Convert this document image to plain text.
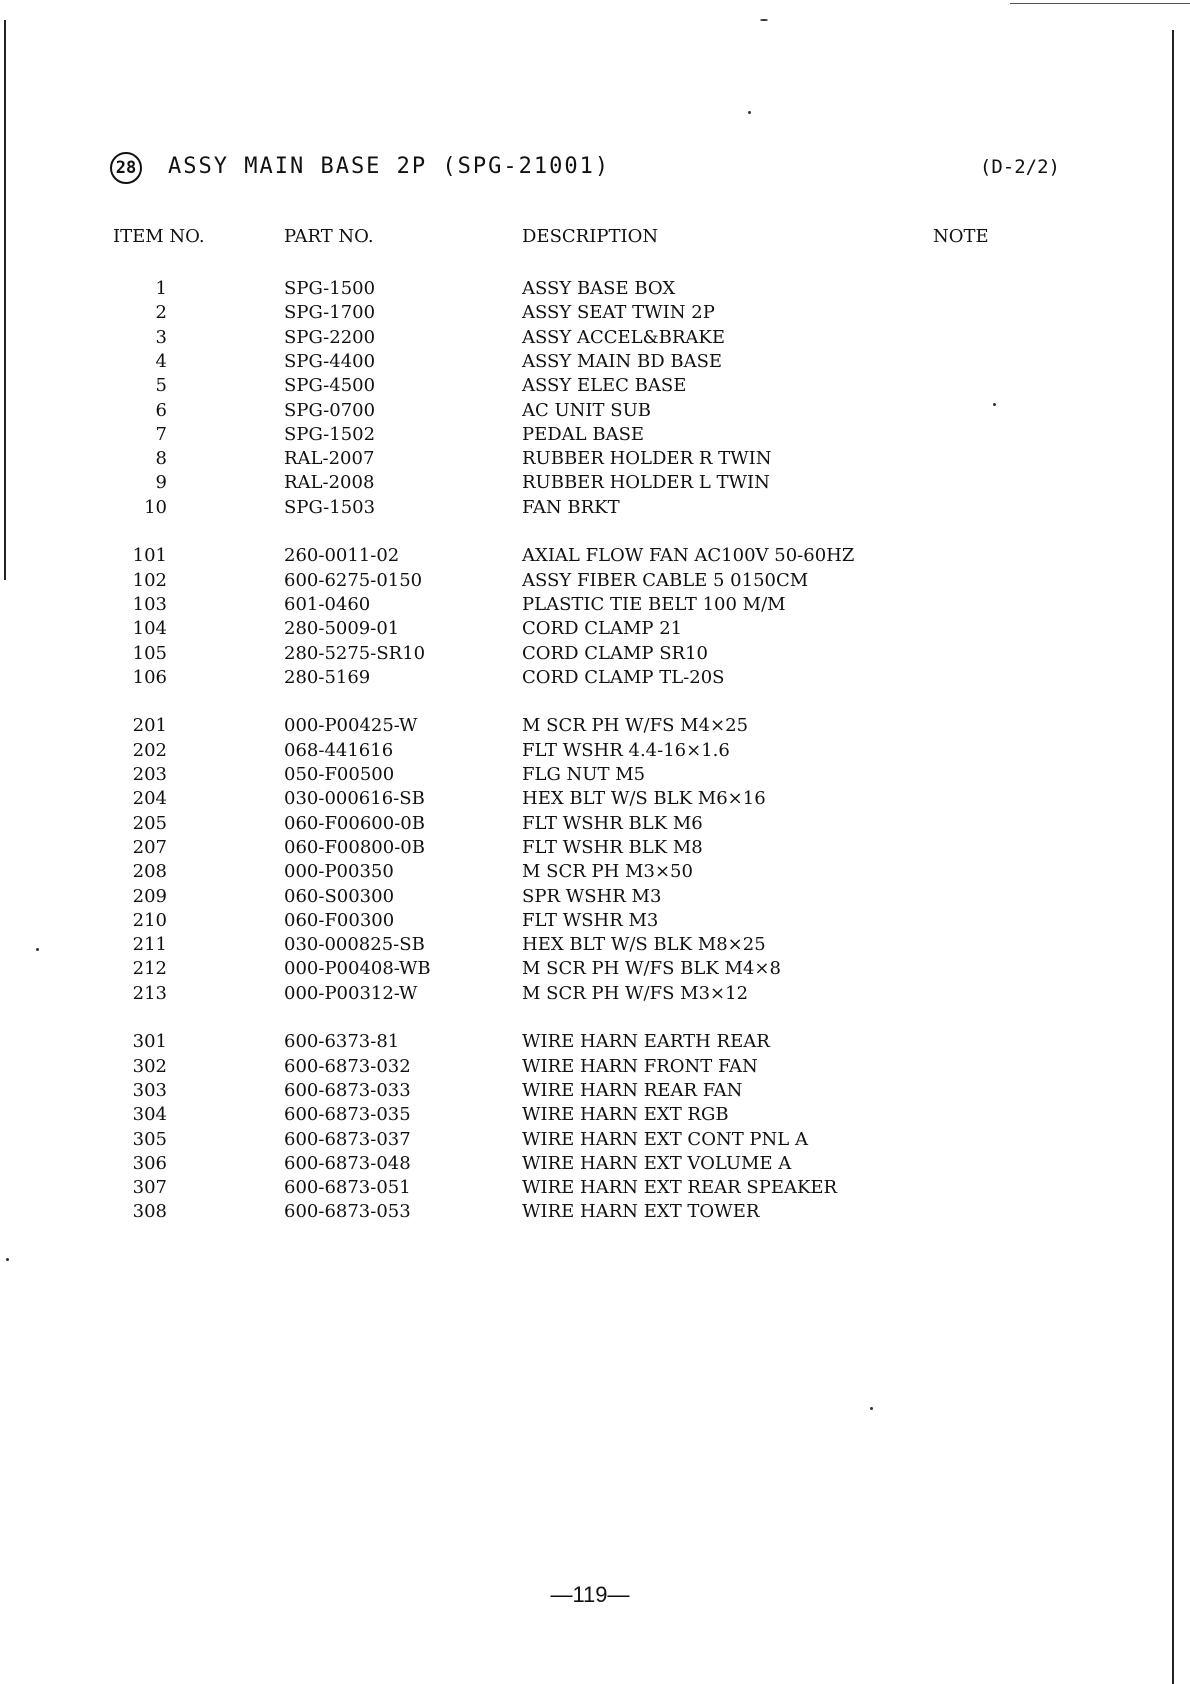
28 ASSY MAIN BASE 2P (SPG-21001)	(D-2/2)
ITEM NO.	PART NO.	DESCRIPTION	NOTE
1	SPG-1500	ASSY BASE BOX
2	SPG-1700	ASSY SEAT TWIN 2P
3	SPG-2200	ASSY ACCEL&BRAKE
4	SPG-4400	ASSY MAIN BD BASE
5	SPG-4500	ASSY ELEC BASE
6	SPG-0700	AC UNIT SUB
7	SPG-1502	PEDAL BASE
8	RAL-2007	RUBBER HOLDER R TWIN
9	RAL-2008	RUBBER HOLDER L TWIN
10	SPG-1503	FAN BRKT
101	260-0011-02	AXIAL FLOW FAN AC100V 50-60HZ
102	600-6275-0150	ASSY FIBER CABLE 5 0150CM
103	601-0460	PLASTIC TIE BELT 100 M/M
104	280-5009-01	CORD CLAMP 21
105	280-5275-SR10	CORD CLAMP SR10
106	280-5169	CORD CLAMP TL-20S
201	000-P00425-W	M SCR PH W/FS M4×25
202	068-441616	FLT WSHR 4.4-16×1.6
203	050-F00500	FLG NUT M5
204	030-000616-SB	HEX BLT W/S BLK M6×16
205	060-F00600-0B	FLT WSHR BLK M6
207	060-F00800-0B	FLT WSHR BLK M8
208	000-P00350	M SCR PH M3×50
209	060-S00300	SPR WSHR M3
210	060-F00300	FLT WSHR M3
211	030-000825-SB	HEX BLT W/S BLK M8×25
212	000-P00408-WB	M SCR PH W/FS BLK M4×8
213	000-P00312-W	M SCR PH W/FS M3×12
301	600-6373-81	WIRE HARN EARTH REAR
302	600-6873-032	WIRE HARN FRONT FAN
303	600-6873-033	WIRE HARN REAR FAN
304	600-6873-035	WIRE HARN EXT RGB
305	600-6873-037	WIRE HARN EXT CONT PNL A
306	600-6873-048	WIRE HARN EXT VOLUME A
307	600-6873-051	WIRE HARN EXT REAR SPEAKER
308	600-6873-053	WIRE HARN EXT TOWER
—119—
